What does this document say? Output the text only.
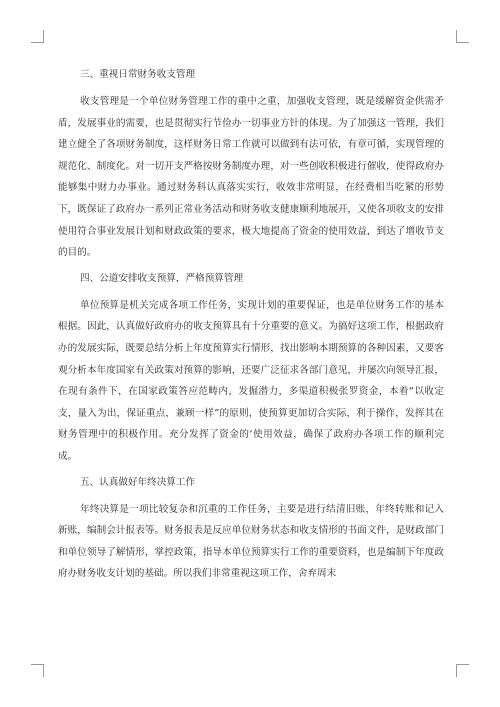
三、重视日常财务收支管理

收支管理是一个单位财务管理工作的重中之重，加强收支管理，既是缓解资金供需矛盾，发展事业的需要，也是贯彻实行节俭办一切事业方针的体现。为了加强这一管理，我们建立健全了各项财务制度，这样财务日常工作就可以做到有法可依，有章可循，实现管理的规范化、制度化。对一切开支严格按财务制度办理，对一些创收积极进行催收，使得政府办能够集中财力办事业。通过财务科认真落实实行，收效非常明显，在经费相当吃紧的形势下，既保证了政府办一系列正常业务活动和财务收支健康顺利地展开，又使各项收支的安排使用符合事业发展计划和财政政策的要求，极大地提高了资金的使用效益，到达了增收节支的目的。

四、公道安排收支预算，严格预算管理

单位预算是机关完成各项工作任务，实现计划的重要保证，也是单位财务工作的基本根据。因此，认真做好政府办的收支预算具有十分重要的意义。为搞好这项工作，根据政府办的发展实际，既要总结分析上年度预算实行情形，找出影响本期预算的各种因素，又要客观分析本年度国家有关政策对预算的影响，还要广泛征求各部门意见，并屡次向领导汇报，在现有条件下，在国家政策答应范畴内，发掘潜力，多渠道积极张罗资金，本着“以收定支，量入为出，保证重点，兼顾一样”的原则，使预算更加切合实际，利于操作，发挥其在财务管理中的积极作用。充分发挥了资金的‘使用效益，确保了政府办各项工作的顺利完成。

五、认真做好年终决算工作

年终决算是一项比较复杂和沉重的工作任务，主要是进行结清旧账，年终转账和记入新账，编制会计报表等。财务报表是反应单位财务状态和收支情形的书面文件，是财政部门和单位领导了解情形，掌控政策，指导本单位预算实行工作的重要资料，也是编制下年度政府办财务收支计划的基础。所以我们非常重视这项工作，舍弃周末
